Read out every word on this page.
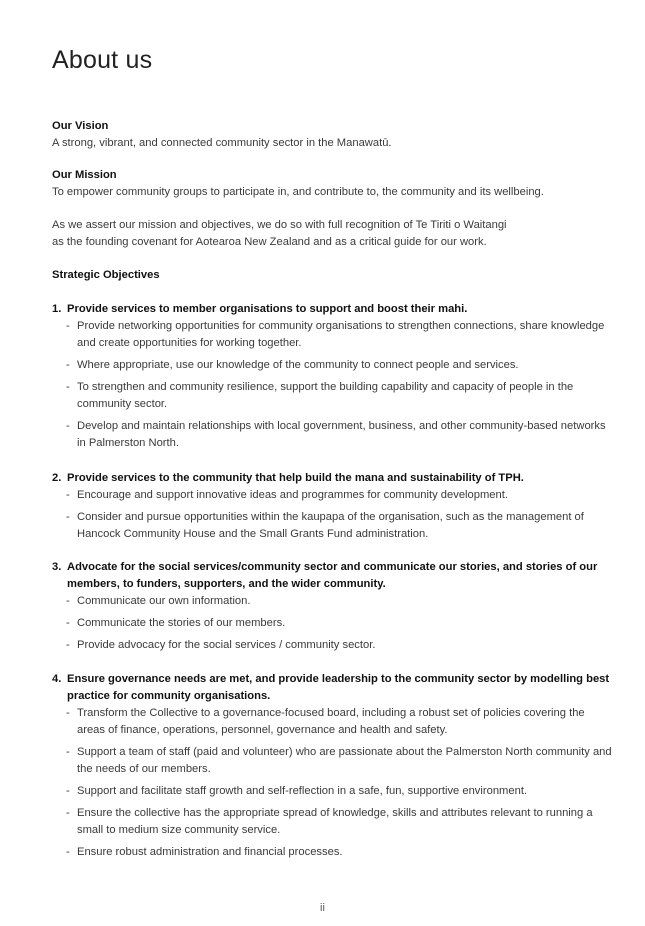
About us
Our Vision
A strong, vibrant, and connected community sector in the Manawatū.
Our Mission
To empower community groups to participate in, and contribute to, the community and its wellbeing.
As we assert our mission and objectives, we do so with full recognition of Te Tiriti o Waitangi
as the founding covenant for Aotearoa New Zealand and as a critical guide for our work.
Strategic Objectives
1. Provide services to member organisations to support and boost their mahi.
- Provide networking opportunities for community organisations to strengthen connections, share knowledge and create opportunities for working together.
- Where appropriate, use our knowledge of the community to connect people and services.
- To strengthen and community resilience, support the building capability and capacity of people in the community sector.
- Develop and maintain relationships with local government, business, and other community-based networks in Palmerston North.
2. Provide services to the community that help build the mana and sustainability of TPH.
- Encourage and support innovative ideas and programmes for community development.
- Consider and pursue opportunities within the kaupapa of the organisation, such as the management of Hancock Community House and the Small Grants Fund administration.
3. Advocate for the social services/community sector and communicate our stories, and stories of our members, to funders, supporters, and the wider community.
- Communicate our own information.
- Communicate the stories of our members.
- Provide advocacy for the social services / community sector.
4. Ensure governance needs are met, and provide leadership to the community sector by modelling best practice for community organisations.
- Transform the Collective to a governance-focused board, including a robust set of policies covering the areas of finance, operations, personnel, governance and health and safety.
- Support a team of staff (paid and volunteer) who are passionate about the Palmerston North community and the needs of our members.
- Support and facilitate staff growth and self-reflection in a safe, fun, supportive environment.
- Ensure the collective has the appropriate spread of knowledge, skills and attributes relevant to running a small to medium size community service.
- Ensure robust administration and financial processes.
ii
